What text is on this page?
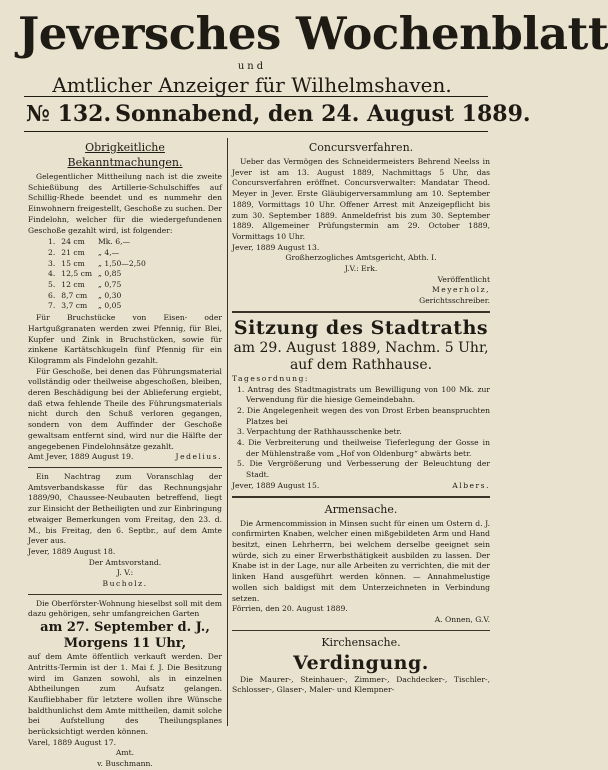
Jeversches Wochenblatt
und
Amtlicher Anzeiger für Wilhelmshaven.
№ 132. Sonnabend, den 24. August 1889.
Obrigkeitliche Bekanntmachungen.

Gelegentlicher Mittheilung nach ist die zweite Schießübung des Artillerie-Schulschiffes auf Schillig-Rhede beendet und es nummehr den Einwohnern freigestellt, Geschoße zu suchen. Der Findelohn, welcher für die wiedergefundenen Geschoße gezahlt wird, ist folgender:

1.	24 cm	Mk. 6,—
2.	21 cm	„ 4,—
3.	15 cm	„ 1,50—2,50
4.	12,5 cm	„ 0,85
5.	12 cm	„ 0,75
6.	8,7 cm	„ 0,30
7.	3,7 cm	„ 0,05

Für Bruchstücke von Eisen- oder Hartgußgranaten werden zwei Pfennig, für Blei, Kupfer und Zink in Bruchstücken, sowie für zinkene Kartätschkugeln fünf Pfennig für ein Kilogramm als Findelohn gezahlt.

Für Geschoße, bei denen das Führungsmaterial vollständig oder theilweise abgeschoßen, bleiben, deren Beschädigung bei der Ablieferung ergiebt, daß etwa fehlende Theile des Führungsmaterials nicht durch den Schuß verloren gegangen, sondern von dem Auffinder der Geschoße gewaltsam entfernt sind, wird nur die Hälfte der angegebenen Findelohnsätze gezahlt.

Amt Jever, 1889 August 19.	Jedelius.

Ein Nachtrag zum Voranschlag der Amtsverbandskasse für das Rechnungsjahr 1889/90, Chaussee-Neubauten betreffend, liegt zur Einsicht der Betheiligten und zur Einbringung etwaiger Bemerkungen vom Freitag, den 23. d. M., bis Freitag, den 6. Septbr., auf dem Amte Jever aus.

Jever, 1889 August 18.

Der Amtsvorstand.

J. V.:

Bucholz.

Die Oberförster-Wohnung hieselbst soll mit dem dazu gehörigen, sehr umfangreichen Garten

am 27. September d. J.,
Morgens 11 Uhr,

auf dem Amte öffentlich verkauft werden. Der Antritts-Termin ist der 1. Mai f. J. Die Besitzung wird im Ganzen sowohl, als in einzelnen Abtheilungen zum Aufsatz gelangen. Kaufliebhaber für letztere wollen ihre Wünsche baldthunlichst dem Amte mittheilen, damit solche bei Aufstellung des Theilungsplanes berücksichtigt werden können.

Varel, 1889 August 17.

Amt.

v. Buschmann.

Concursverfahren.

Ueber das Vermögen des Schneidermeisters Behrend Neelss in Jever ist am 13. August 1889, Nachmittags 5 Uhr, das Concursverfahren eröffnet. Concursverwalter: Mandatar Theod. Meyer in Jever. Erste Gläubigerversammlung am 10. September 1889, Vormittags 10 Uhr. Offener Arrest mit Anzeigepflicht bis zum 30. September 1889. Anmeldefrist bis zum 30. September 1889. Allgemeiner Prüfungstermin am 29. October 1889, Vormittags 10 Uhr.

Jever, 1889 August 13.

Großherzogliches Amtsgericht, Abth. I.

J.V.: Erk.

Veröffentlicht

Meyerholz,

Gerichtsschreiber.

Sitzung des Stadtraths
am 29. August 1889, Nachm. 5 Uhr,
auf dem Rathhause.

Tagesordnung:

1. Antrag des Stadtmagistrats um Bewilligung von 100 Mk. zur Verwendung für die hiesige Gemeindebahn.
2. Die Angelegenheit wegen des von Drost Erben beanspruchten Platzes bei
3. Verpachtung der Rathhausschenke betr.
4. Die Verbreiterung und theilweise Tieferlegung der Gosse in der Mühlenstraße vom „Hof von Oldenburg“ abwärts betr.
5. Die Vergrößerung und Verbesserung der Beleuchtung der Stadt.

Jever, 1889 August 15.	Albers.

Armensache.

Die Armencommission in Minsen sucht für einen um Ostern d. J. confirmirten Knaben, welcher einen mißgebildeten Arm und Hand besitzt, einen Lehrherrn, bei welchem derselbe geeignet sein würde, sich zu einer Erwerbsthätigkeit ausbilden zu lassen. Der Knabe ist in der Lage, nur alle Arbeiten zu verrichten, die mit der linken Hand ausgeführt werden können. — Annahmelustige wollen sich baldigst mit dem Unterzeichneten in Verbindung setzen.

Förrien, den 20. August 1889.

A. Onnen, G.V.

Kirchensache.
Verdingung.

Die Maurer-, Steinhauer-, Zimmer-, Dachdecker-, Tischler-, Schlosser-, Glaser-, Maler- und Klempner-
